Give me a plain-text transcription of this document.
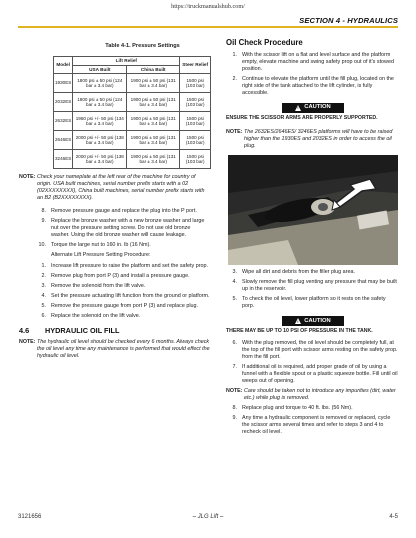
https://truckmanualshub.com/
SECTION 4 - HYDRAULICS
Table 4-1. Pressure Settings
Model	Lift Relief		Steer Relief
	USA Built	China Built	
1930ES	1800 psi ± 50 psi (124 bar ± 3.4 bar)	1900 psi ± 50 psi (131 bar ± 3.4 bar)	1500 psi (103 bar)
2032ES	1800 psi ± 50 psi (124 bar ± 3.4 bar)	1900 psi ± 50 psi (131 bar ± 3.4 bar)	1500 psi (103 bar)
2632ES	1950 psi +/- 50 psi (134 bar ± 3.4 bar)	1900 psi ± 50 psi (131 bar ± 3.4 bar)	1500 psi (103 bar)
2646ES	2000 psi +/- 50 psi (138 bar ± 3.4 bar)	1900 psi ± 50 psi (131 bar ± 3.4 bar)	1500 psi (103 bar)
3246ES	2000 psi +/- 50 psi (138 bar ± 3.4 bar)	1900 psi ± 50 psi (131 bar ± 3.4 bar)	1500 psi (103 bar)
NOTE: Check your nameplate at the left rear of the machine for country of origin. USA built machines, serial number prefix starts with a 02 (02XXXXXXXX), China built machines, serial number prefix starts with an B2 (B2XXXXXXXX).
8. Remove pressure gauge and replace the plug into the P port.
9. Replace the bronze washer with a new bronze washer and large nut over the pressure setting screw. Do not use old bronze washer. Using the old bronze washer will cause leakage.
10. Torque the large nut to 160 in. lb (16 Nm).
Alternate Lift Pressure Setting Procedure:
1. Increase lift pressure to raise the platform and set the safety prop.
2. Remove plug from port P (3) and install a pressure gauge.
3. Remove the solenoid from the lift valve.
4. Set the pressure actuating lift function from the ground or platform.
5. Remove the pressure gauge from port P (3) and replace plug.
6. Replace the solenoid on the lift valve.
4.6 HYDRAULIC OIL FILL
NOTE: The hydraulic oil level should be checked every 6 months. Always check the oil level any time any maintenance is performed that would effect the hydraulic oil level.
Oil Check Procedure
1. With the scissor lift on a flat and level surface and the platform empty, elevate machine and swing safety prop out of it's stowed position.
2. Continue to elevate the platform until the fill plug, located on the right side of the tank attached to the lift cylinder, is fully accessible.
!
CAUTION
ENSURE THE SCISSOR ARMS ARE PROPERLY SUPPORTED.
NOTE: The 2632ES/2646ES/ 3246ES platforms will have to be raised higher than the 1930ES and 2032ES in order to access the oil plug.
3. Wipe all dirt and debris from the filler plug area.
4. Slowly remove the fill plug venting any pressure that may be built up in the reservoir.
5. To check the oil level, lower platform so it rests on the safety porp.
!
CAUTION
THERE MAY BE UP TO 10 PSI OF PRESSURE IN THE TANK.
6. With the plug removed, the oil level should be completely full, at the top of the fill port with scissor arms resting on the safety prop. from the fill port.
7. If additional oil is required, add proper grade of oil by using a funnel with a flexible spout or a plastic squeeze bottle. Fill until oil weeps out of opening.
NOTE: Care should be taken not to introduce any impurities (dirt, water etc.) while plug is removed.
8. Replace plug and torque to 40 ft. lbs. (56 Nm).
9. Any time a hydraulic component is removed or replaced, cycle the scissor arms several times and refer to steps 3 and 4 to recheck oil level.
3121656	– JLG Lift –	4-5
